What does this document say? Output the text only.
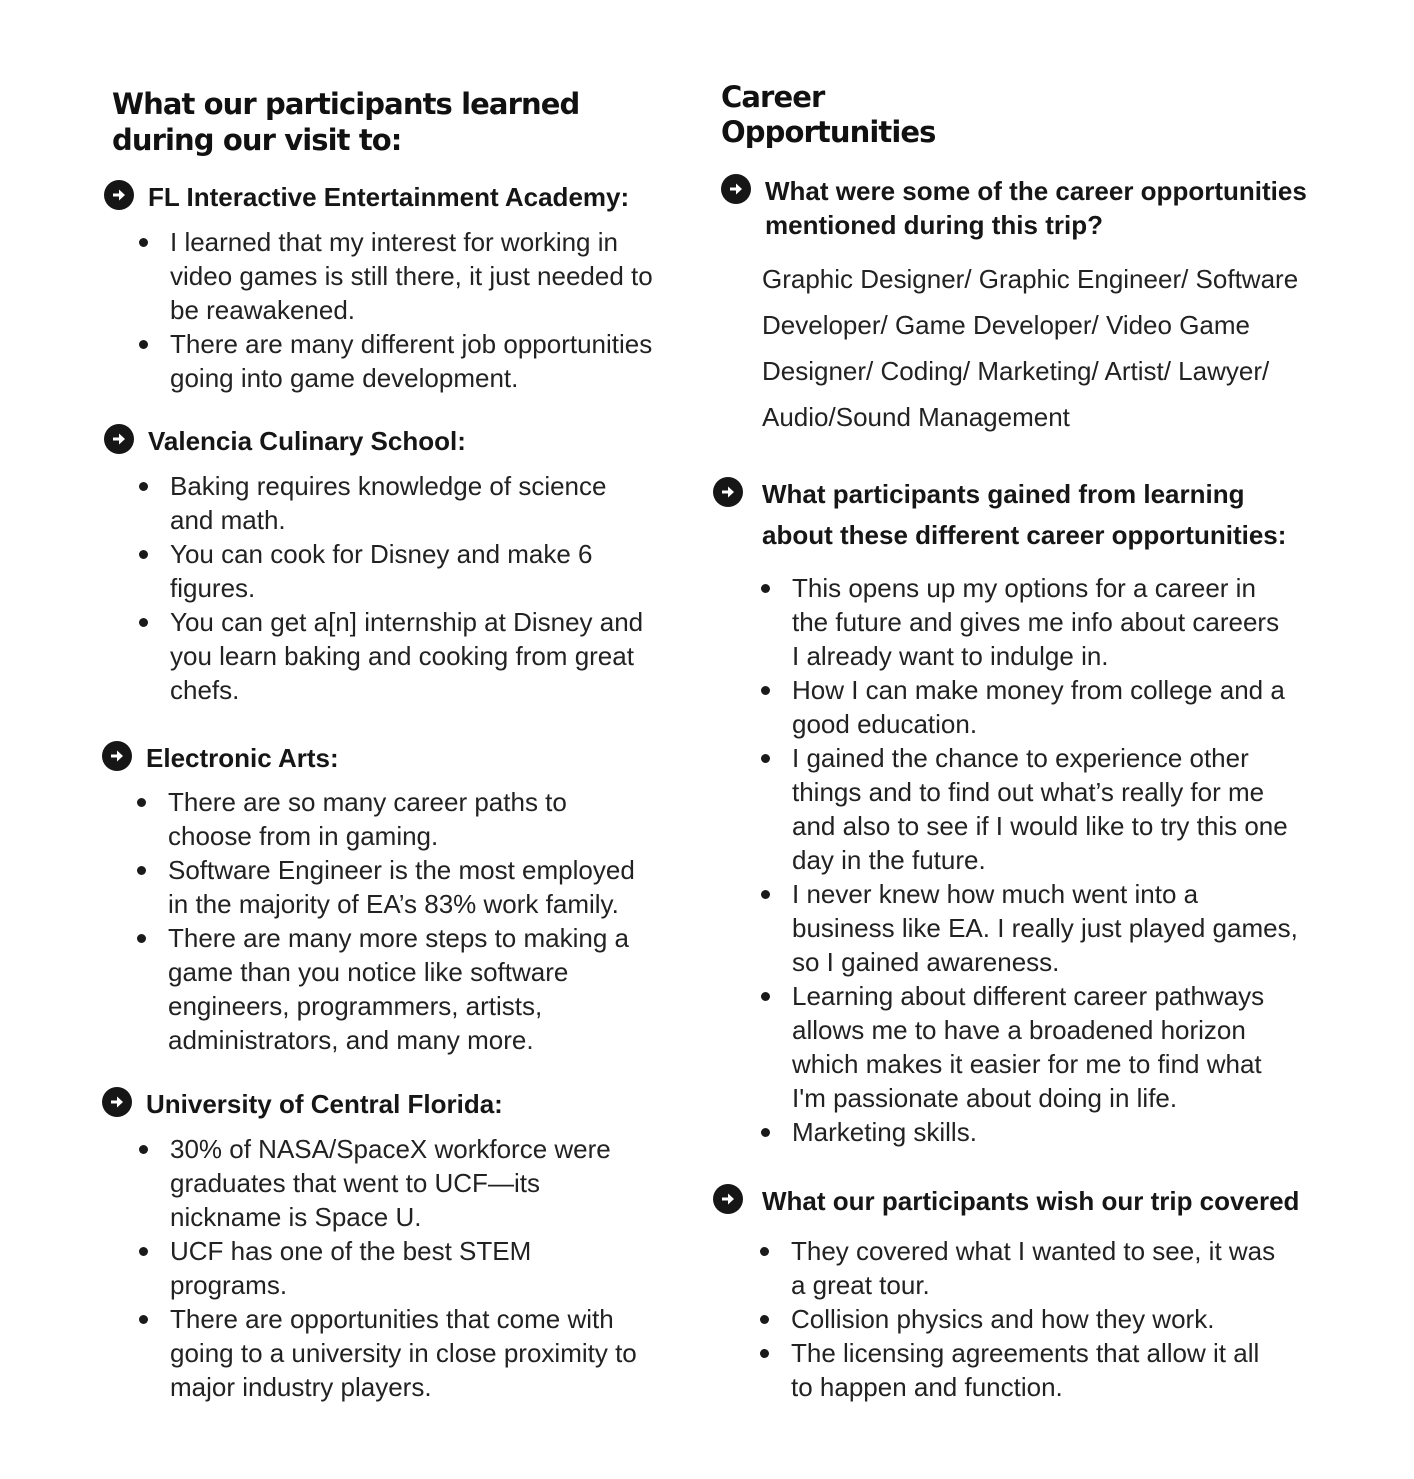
What our participants learned
during our visit to:
FL Interactive Entertainment Academy:
I learned that my interest for working in
video games is still there, it just needed to
be reawakened.
There are many different job opportunities
going into game development.
Valencia Culinary School:
Baking requires knowledge of science
and math.
You can cook for Disney and make 6
figures.
You can get a[n] internship at Disney and
you learn baking and cooking from great
chefs.
Electronic Arts:
There are so many career paths to
choose from in gaming.
Software Engineer is the most employed
in the majority of EA’s 83% work family.
There are many more steps to making a
game than you notice like software
engineers, programmers, artists,
administrators, and many more.
University of Central Florida:
30% of NASA/SpaceX workforce were
graduates that went to UCF—its
nickname is Space U.
UCF has one of the best STEM
programs.
There are opportunities that come with
going to a university in close proximity to
major industry players.
Career
Opportunities
What were some of the career opportunities
mentioned during this trip?
Graphic Designer/ Graphic Engineer/ Software
Developer/ Game Developer/ Video Game
Designer/ Coding/ Marketing/ Artist/ Lawyer/
Audio/Sound Management
What participants gained from learning
about these different career opportunities:
This opens up my options for a career in
the future and gives me info about careers
I already want to indulge in.
How I can make money from college and a
good education.
I gained the chance to experience other
things and to find out what’s really for me
and also to see if I would like to try this one
day in the future.
I never knew how much went into a
business like EA. I really just played games,
so I gained awareness.
Learning about different career pathways
allows me to have a broadened horizon
which makes it easier for me to find what
I'm passionate about doing in life.
Marketing skills.
What our participants wish our trip covered
They covered what I wanted to see, it was
a great tour.
Collision physics and how they work.
The licensing agreements that allow it all
to happen and function.
